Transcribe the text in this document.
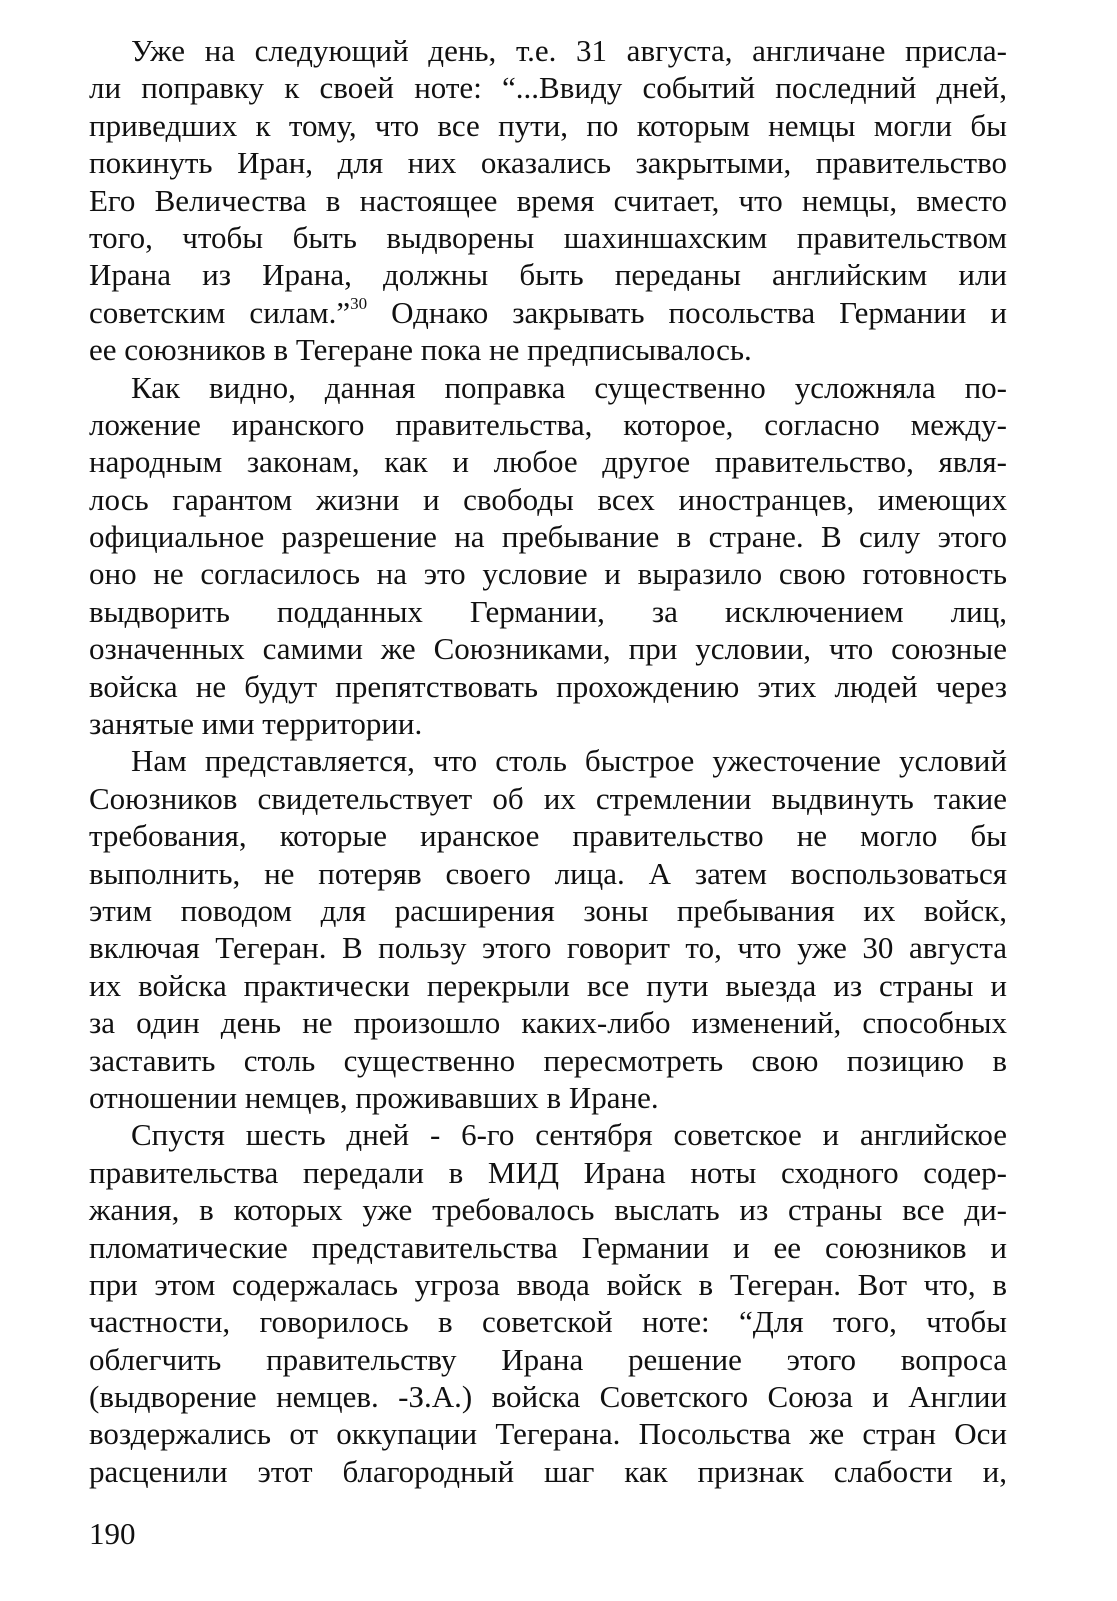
Уже на следующий день, т.е. 31 августа, англичане присла-
ли поправку к своей ноте: “...Ввиду событий последний дней,
приведших к тому, что все пути, по которым немцы могли бы
покинуть Иран, для них оказались закрытыми, правительство
Его Величества в настоящее время считает, что немцы, вместо
того, чтобы быть выдворены шахиншахским правительством
Ирана из Ирана, должны быть переданы английским или
советским силам.”$^{30}$ Однако закрывать посольства Германии и
ее союзников в Тегеране пока не предписывалось.
Как видно, данная поправка существенно усложняла по-
ложение иранского правительства, которое, согласно между-
народным законам, как и любое другое правительство, явля-
лось гарантом жизни и свободы всех иностранцев, имеющих
официальное разрешение на пребывание в стране. В силу этого
оно не согласилось на это условие и выразило свою готовность
выдворить подданных Германии, за исключением лиц,
означенных самими же Союзниками, при условии, что союзные
войска не будут препятствовать прохождению этих людей через
занятые ими территории.
Нам представляется, что столь быстрое ужесточение условий
Союзников свидетельствует об их стремлении выдвинуть такие
требования, которые иранское правительство не могло бы
выполнить, не потеряв своего лица. А затем воспользоваться
этим поводом для расширения зоны пребывания их войск,
включая Тегеран. В пользу этого говорит то, что уже 30 августа
их войска практически перекрыли все пути выезда из страны и
за один день не произошло каких-либо изменений, способных
заставить столь существенно пересмотреть свою позицию в
отношении немцев, проживавших в Иране.
Спустя шесть дней - 6-го сентября советское и английское
правительства передали в МИД Ирана ноты сходного содер-
жания, в которых уже требовалось выслать из страны все ди-
пломатические представительства Германии и ее союзников и
при этом содержалась угроза ввода войск в Тегеран. Вот что, в
частности, говорилось в советской ноте: “Для того, чтобы
облегчить правительству Ирана решение этого вопроса
(выдворение немцев. -З.А.) войска Советского Союза и Англии
воздержались от оккупации Тегерана. Посольства же стран Оси
расценили этот благородный шаг как признак слабости и,
190
